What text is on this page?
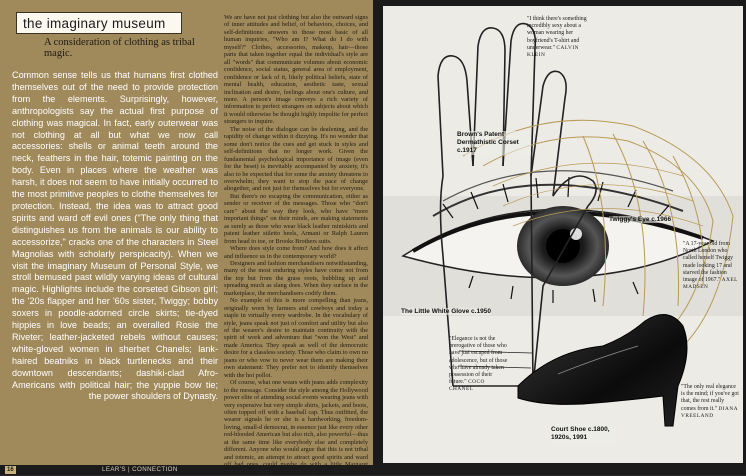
the imaginary museum
A consideration of clothing as tribal magic.

Common sense tells us that humans first clothed themselves out of the need to provide protection from the elements. Surprisingly, however, anthropologists say the actual first purpose of clothing was magical. In fact, early outerwear was not clothing at all but what we now call accessories: shells or animal teeth around the neck, feathers in the hair, totemic painting on the body. Even in places where the weather was harsh, it does not seem to have initially occurred to the most primitive peoples to clothe themselves for protection. Instead, the idea was to attract good spirits and ward off evil ones ("The only thing that distinguishes us from the animals is our ability to accessorize," cracks one of the characters in Steel Magnolias with scholarly perspicacity). When we visit the imaginary Museum of Personal Style, we stroll bemused past wildly varying ideas of cultural magic. Highlights include the corseted Gibson girl; the '20s flapper and her '60s sister, Twiggy; bobby soxers in poodle-adorned circle skirts; tie-dyed hippies in love beads; an overalled Rosie the Riveter; leather-jacketed rebels without causes; white-gloved women in sherbet Chanels; lank-haired beatniks in black turtlenecks and their downtown descendants; dashiki-clad Afro-Americans with political hair; the yuppie bow tie; the power shoulders of Dynasty.

We are have not just clothing but also the outward signs of inner attitudes and belief, of behaviors, choices, and self-definitions: answers to those most basic of all human inquiries, "Who am I? What do I do with myself?" Clothes, accessories, makeup, hair—those parts that taken together equal the individual's style are all "words" that communicate volumes about economic confidence, social status, general area of employment, confidence or lack of it, likely political beliefs, state of mental health, education, aesthetic taste, sexual inclination and desire, feelings about one's culture, and more. A person's image conveys a rich variety of information to perfect strangers on subjects about which it would otherwise be thought highly impolite for perfect strangers to inquire.

The noise of the dialogue can be deafening, and the rapidity of change within it dizzying. It's no wonder that some don't notice the cues and get stuck in styles and self-definitions that no longer work. Given the fundamental psychological importance of image (even for the beset) is inevitably accompanied by anxiety, it's also to be expected that for some the anxiety threatens to overwhelm; they want to stop the pace of change altogether, and not just for themselves but for everyone.

But there's no escaping the communication, either as sender or receiver of the messages. Those who "don't care" about the way they look, who have "more important things" on their minds, are making statements as surely as those who wear black leather miniskirts and patent leather stiletto heels, Armani or Ralph Lauren from head to toe, or Brooks Brothers suits.

Where does style come from? And how does it affect and influence us in the contemporary world?

Designers and fashion merchandisers notwithstanding, many of the most enduring styles have come not from the top but from the grass roots, bubbling up and spreading much as slang does. When they surface in the marketplace, the merchandisers codify them.

No example of this is more compelling than jeans, originally worn by farmers and cowboys and today a staple in virtually every wardrobe. In the vocabulary of style, jeans speak not just of comfort and utility but also of the wearer's desire to maintain continuity with the spirit of work and adventure that "won the West" and made America. They speak as well of the democratic desire for a classless society. Those who claim to own no jeans or who vow to never wear them are making their own statement: They prefer not to identify themselves with the hoi polloi.

Of course, what one wears with jeans adds complexity to the message. Consider the style among the Hollywood power elite of attending social events wearing jeans with very expensive but very simple shirts, jackets, and boots, often topped off with a baseball cap. Thus outfitted, the wearer signals he or she is a hardworking, freedom-loving, small-d democrat, in essence just like every other red-blooded American but also rich, also powerful—thus at the same time like everybody else and completely different. Anyone who would argue that this is not tribal and totemic, an attempt to attract good spirits and ward

Brown's Patent Dermathistic Corset c.1917
Twiggy's Eye c.1966
The Little White Glove c.1950
Court Shoe c.1800, 1920s, 1991
"I think there's something incredibly sexy about a woman wearing her boyfriend's T-shirt and underwear." CALVIN KLEIN
"A 17-year old from North London who called herself Twiggy made looking 17 and starved the fashion image of 1967." AXEL MADSEN
"Elegance is not the prerogative of those who have just escaped from adolescence, but of those who have already taken possession of their future." COCO CHANEL	"The only real elegance is the mind; if you've got that, the rest really comes from it." DIANA VREELAND
16	LEAR'S | CONNECTION
